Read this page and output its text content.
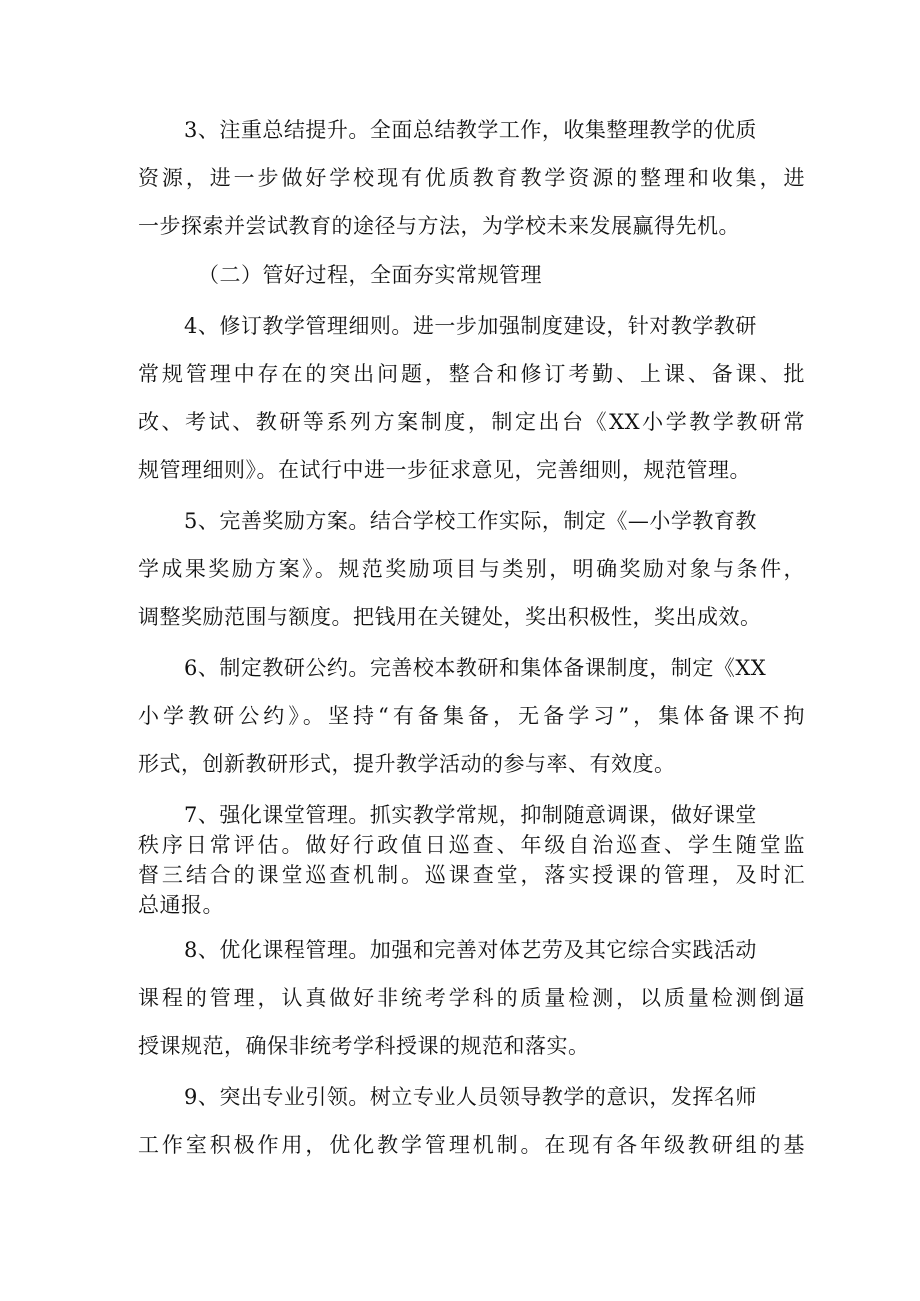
3、注重总结提升。全面总结教学工作，收集整理教学的优质
资源，进一步做好学校现有优质教育教学资源的整理和收集，进
一步探索并尝试教育的途径与方法，为学校未来发展赢得先机。
（二）管好过程，全面夯实常规管理
4、修订教学管理细则。进一步加强制度建设，针对教学教研
常规管理中存在的突出问题，整合和修订考勤、上课、备课、批
改、考试、教研等系列方案制度，制定出台《XX小学教学教研常
规管理细则》。在试行中进一步征求意见，完善细则，规范管理。
5、完善奖励方案。结合学校工作实际，制定《—小学教育教
学成果奖励方案》。规范奖励项目与类别，明确奖励对象与条件，
调整奖励范围与额度。把钱用在关键处，奖出积极性，奖出成效。
6、制定教研公约。完善校本教研和集体备课制度，制定《XX
小学教研公约》。坚持“有备集备，无备学习”，集体备课不拘
形式，创新教研形式，提升教学活动的参与率、有效度。
7、强化课堂管理。抓实教学常规，抑制随意调课，做好课堂
秩序日常评估。做好行政值日巡查、年级自治巡查、学生随堂监
督三结合的课堂巡查机制。巡课查堂，落实授课的管理，及时汇
总通报。
8、优化课程管理。加强和完善对体艺劳及其它综合实践活动
课程的管理，认真做好非统考学科的质量检测，以质量检测倒逼
授课规范，确保非统考学科授课的规范和落实。
9、突出专业引领。树立专业人员领导教学的意识，发挥名师
工作室积极作用，优化教学管理机制。在现有各年级教研组的基
